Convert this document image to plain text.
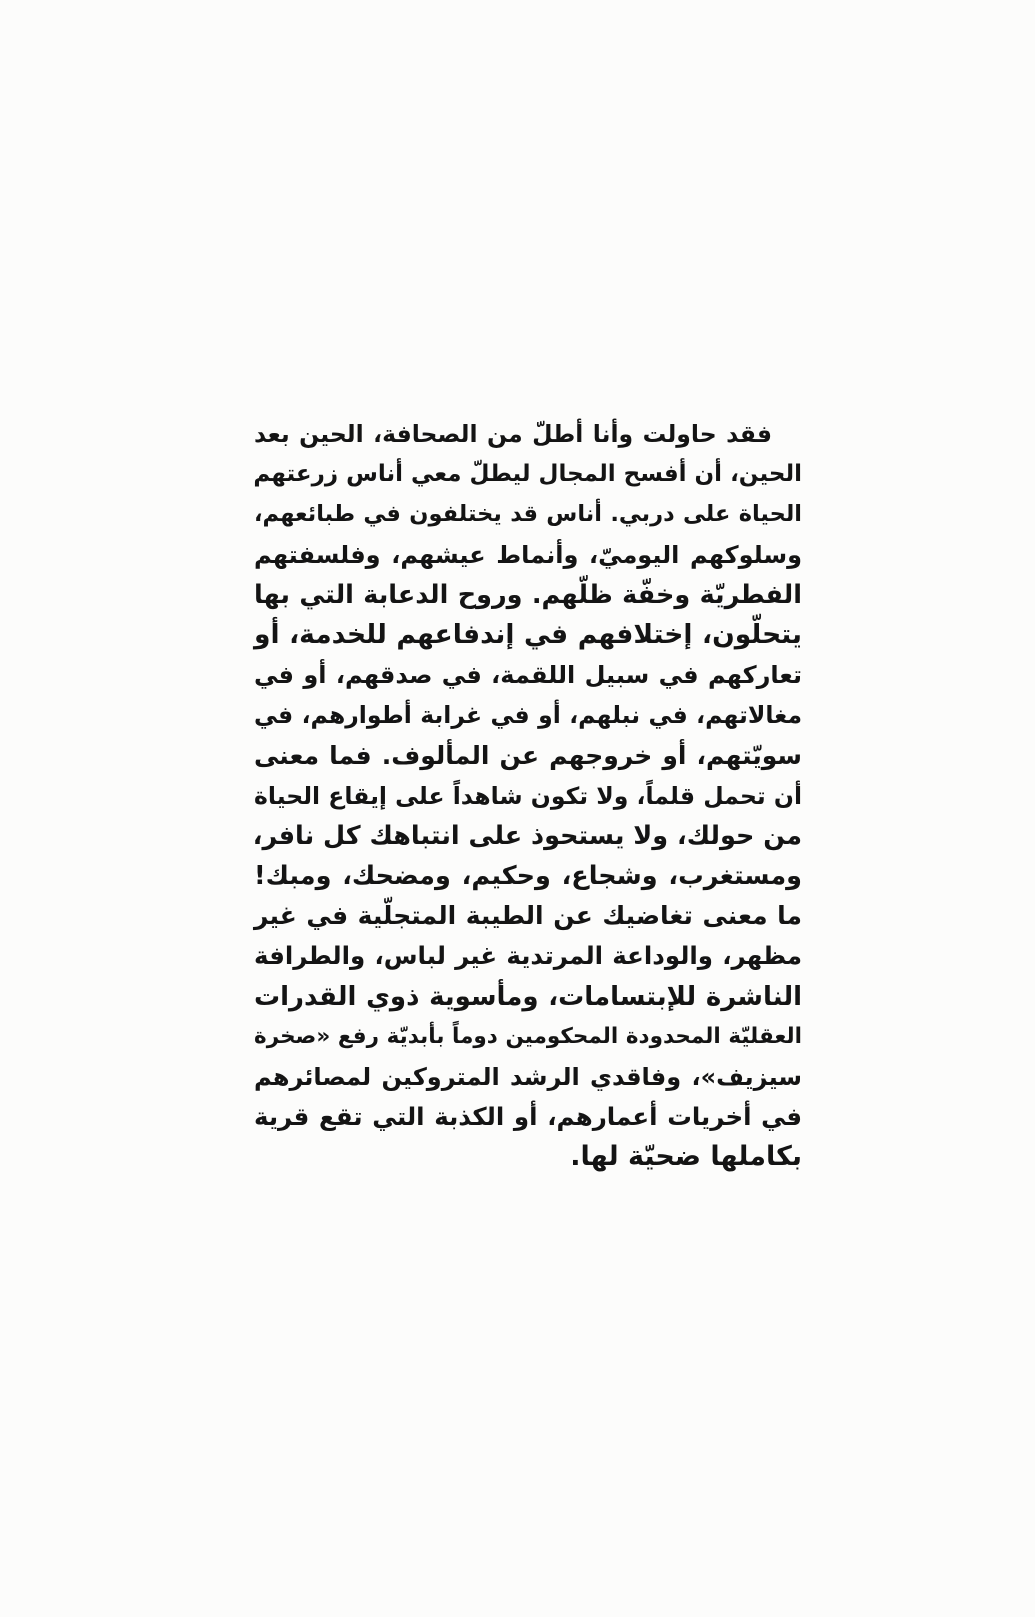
فقد حاولت وأنا أطلّ من الصحافة، الحين بعد
الحين، أن أفسح المجال ليطلّ معي أناس زرعتهم
الحياة على دربي. أناس قد يختلفون في طبائعهم،
وسلوكهم اليوميّ، وأنماط عيشهم، وفلسفتهم
الفطريّة وخفّة ظلّهم. وروح الدعابة التي بها
يتحلّون، إختلافهم في إندفاعهم للخدمة، أو
تعاركهم في سبيل اللقمة، في صدقهم، أو في
مغالاتهم، في نبلهم، أو في غرابة أطوارهم، في
سويّتهم، أو خروجهم عن المألوف. فما معنى
أن تحمل قلماً، ولا تكون شاهداً على إيقاع الحياة
من حولك، ولا يستحوذ على انتباهك كل نافر،
ومستغرب، وشجاع، وحكيم، ومضحك، ومبك!
ما معنى تغاضيك عن الطيبة المتجلّية في غير
مظهر، والوداعة المرتدية غير لباس، والطرافة
الناشرة للإبتسامات، ومأسوية ذوي القدرات
العقليّة المحدودة المحكومين دوماً بأبديّة رفع «صخرة
سيزيف»، وفاقدي الرشد المتروكين لمصائرهم
في أخريات أعمارهم، أو الكذبة التي تقع قرية
بكاملها ضحيّة لها.
